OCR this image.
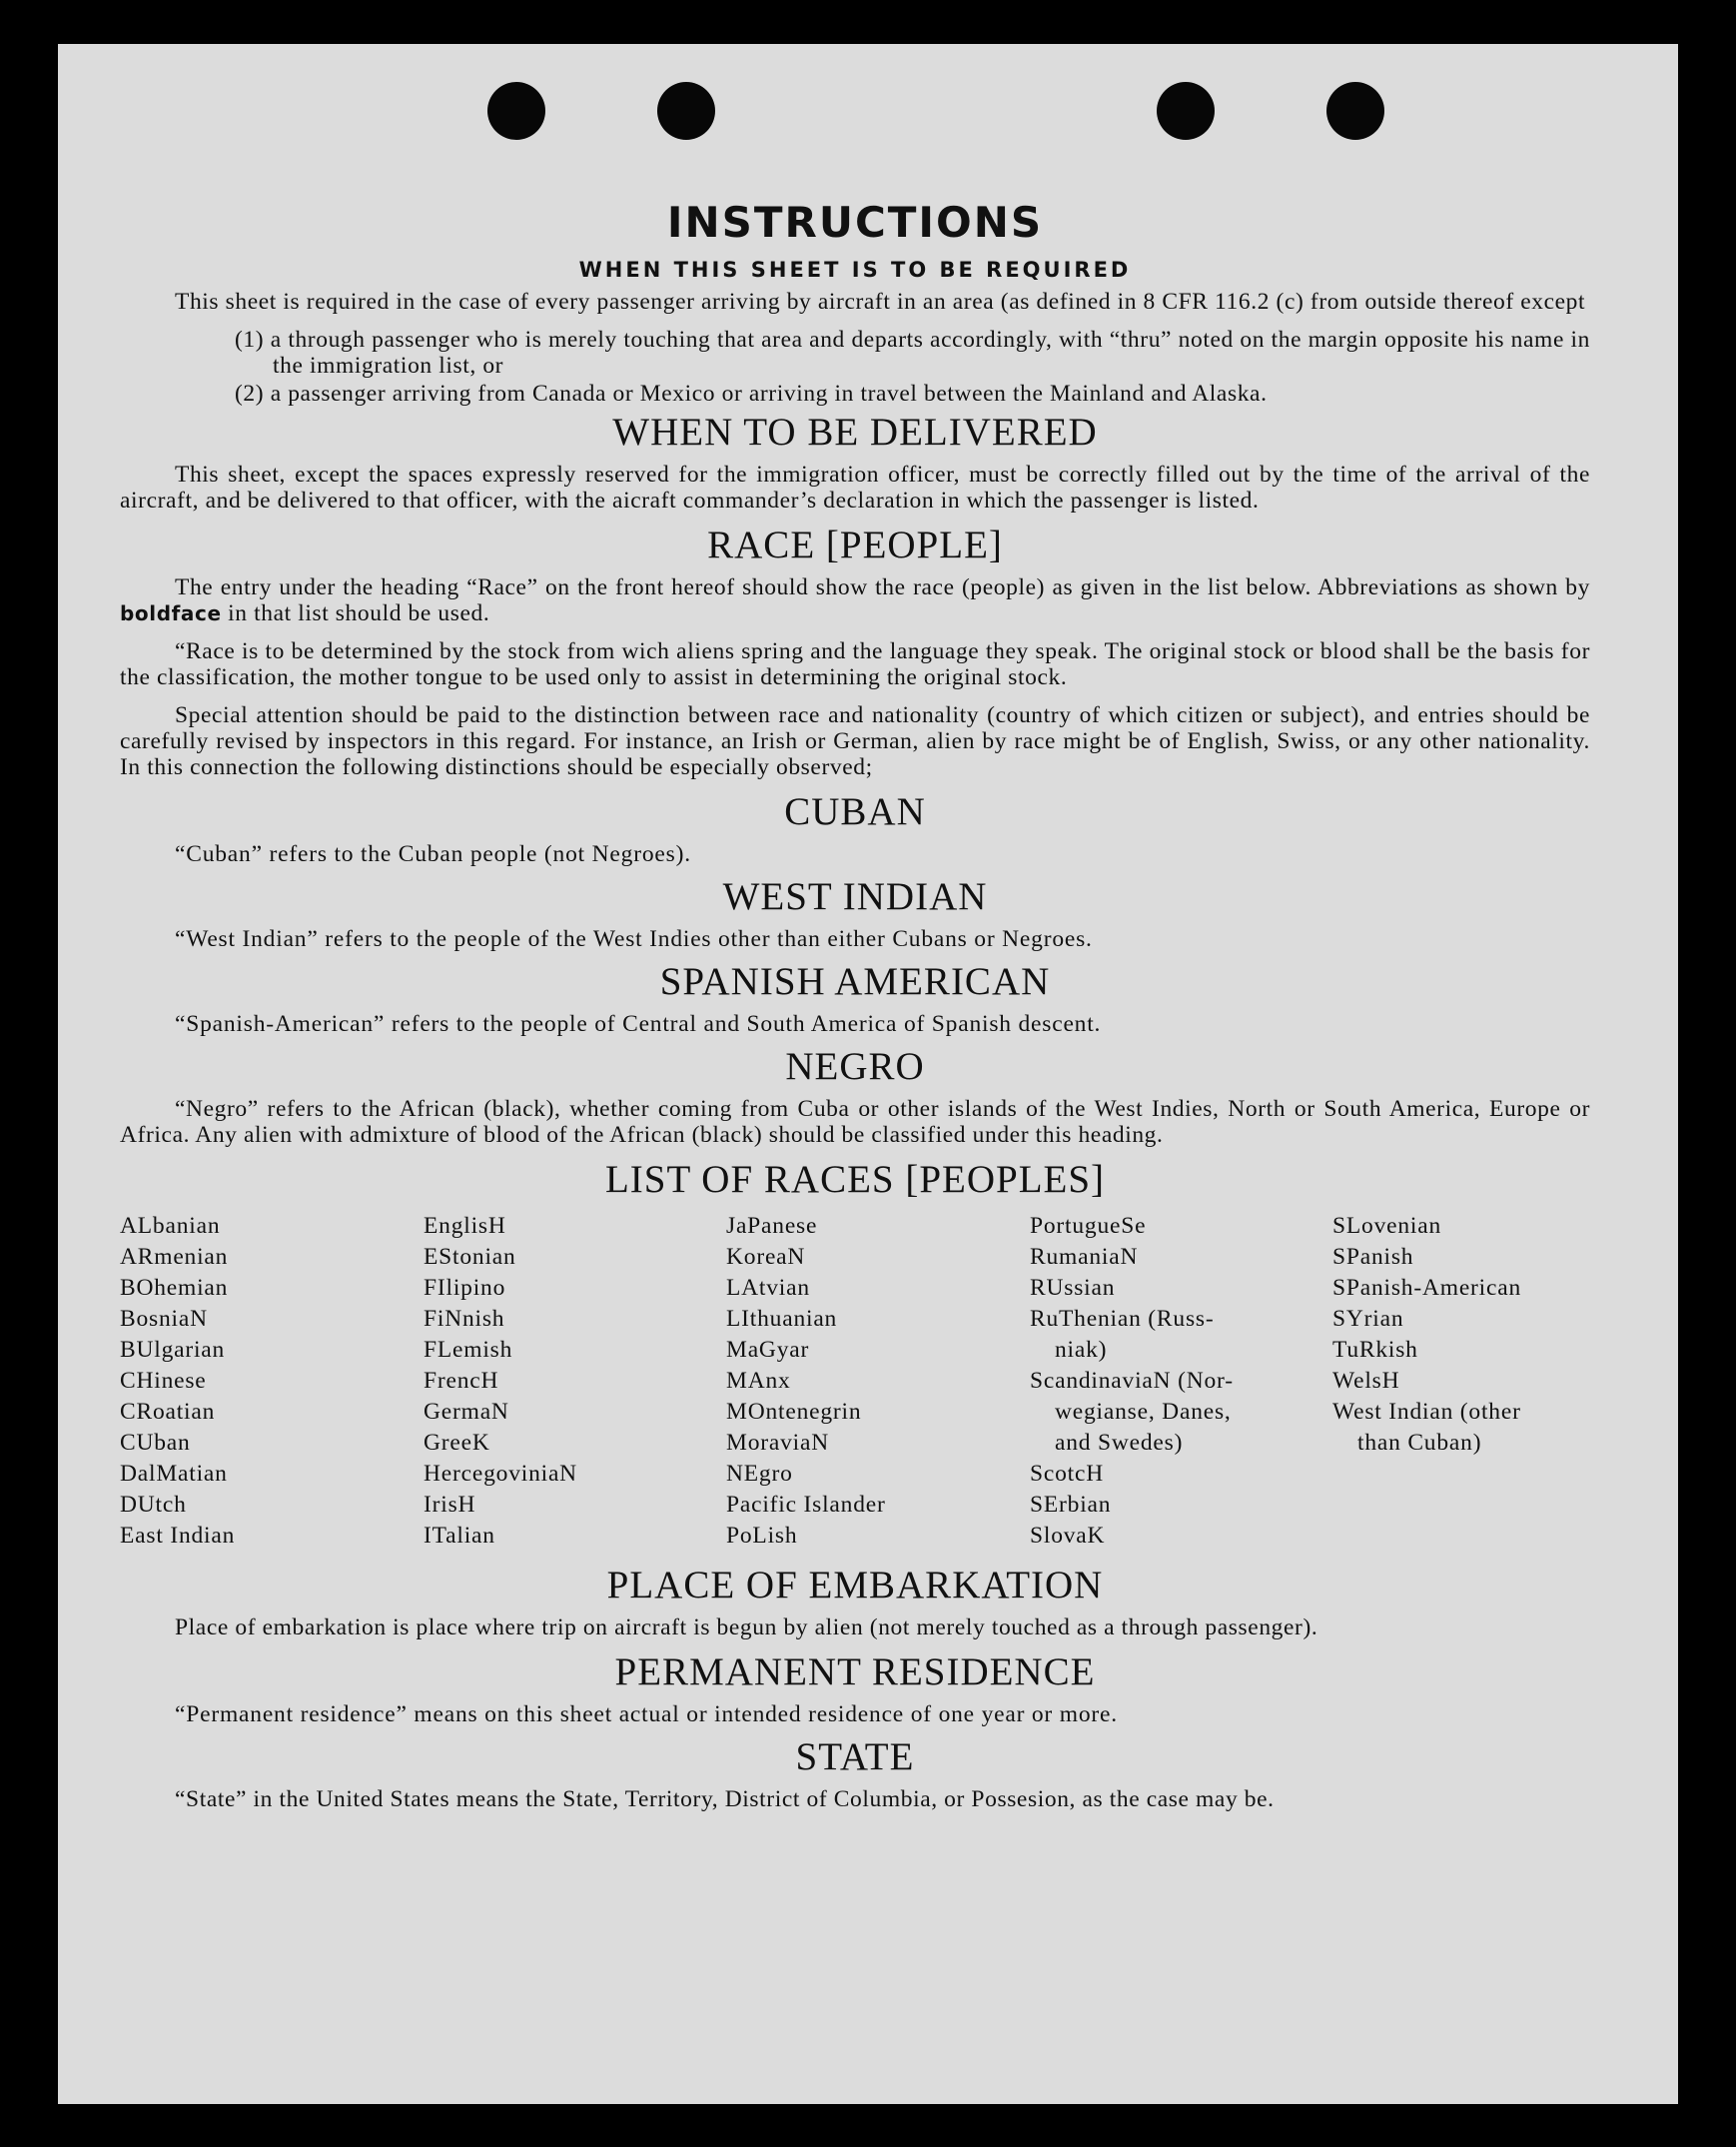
INSTRUCTIONS
WHEN THIS SHEET IS TO BE REQUIRED

This sheet is required in the case of every passenger arriving by aircraft in an area (as defined in 8 CFR 116.2 (c) from outside thereof except

(1) a through passenger who is merely touching that area and departs accordingly, with “thru” noted on the margin opposite his name in the immigration list, or
(2) a passenger arriving from Canada or Mexico or arriving in travel between the Mainland and Alaska.
WHEN TO BE DELIVERED

This sheet, except the spaces expressly reserved for the immigration officer, must be correctly filled out by the time of the arrival of the aircraft, and be delivered to that officer, with the aicraft commander’s declaration in which the passenger is listed.

RACE [PEOPLE]

The entry under the heading “Race” on the front hereof should show the race (people) as given in the list below. Abbreviations as shown by boldface in that list should be used.

“Race is to be determined by the stock from wich aliens spring and the language they speak. The original stock or blood shall be the basis for the classification, the mother tongue to be used only to assist in determining the original stock.

Special attention should be paid to the distinction between race and nationality (country of which citizen or subject), and entries should be carefully revised by inspectors in this regard. For instance, an Irish or German, alien by race might be of English, Swiss, or any other nationality. In this connection the following distinctions should be especially observed;

CUBAN
“Cuban” refers to the Cuban people (not Negroes).
WEST INDIAN
“West Indian” refers to the people of the West Indies other than either Cubans or Negroes.
SPANISH AMERICAN
“Spanish-American” refers to the people of Central and South America of Spanish descent.
NEGRO

“Negro” refers to the African (black), whether coming from Cuba or other islands of the West Indies, North or South America, Europe or Africa. Any alien with admixture of blood of the African (black) should be classified under this heading.

LIST OF RACES [PEOPLES]
ALbanian
ARmenian
BOhemian
BosniaN
BUlgarian
CHinese
CRoatian
CUban
DalMatian
DUtch
East Indian
EnglisH
EStonian
FIlipino
FiNnish
FLemish
FrencH
GermaN
GreeK
HercegoviniaN
IrisH
ITalian
JaPanese
KoreaN
LAtvian
LIthuanian
MaGyar
MAnx
MOntenegrin
MoraviaN
NEgro
Pacific Islander
PoLish
PortugueSe
RumaniaN
RUssian
RuThenian (Russ-
niak)
ScandinaviaN (Nor-
wegianse, Danes,
and Swedes)
ScotcH
SErbian
SlovaK
SLovenian
SPanish
SPanish-American
SYrian
TuRkish
WelsH
West Indian (other
than Cuban)
PLACE OF EMBARKATION

Place of embarkation is place where trip on aircraft is begun by alien (not merely touched as a through passenger).

PERMANENT RESIDENCE
“Permanent residence” means on this sheet actual or intended residence of one year or more.
STATE

“State” in the United States means the State, Territory, District of Columbia, or Possesion, as the case may be.
